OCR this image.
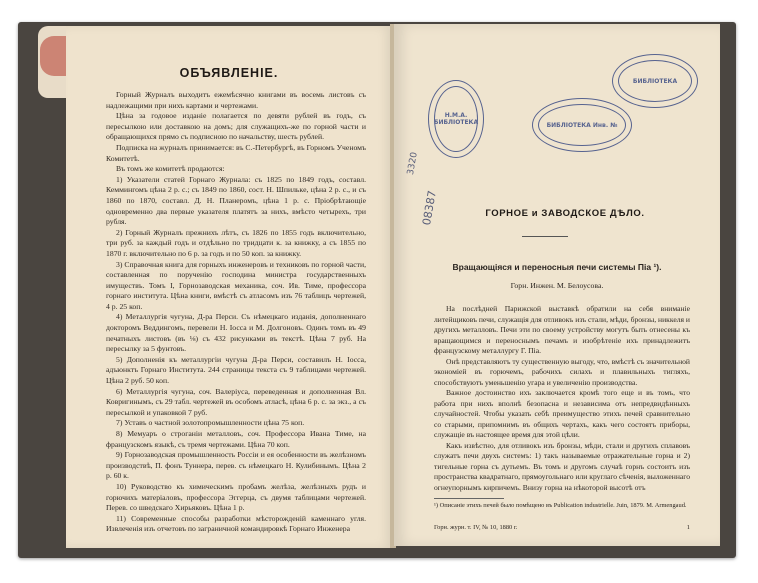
ОБЪЯВЛЕНІЕ.

Горный Журналъ выходитъ ежемѣсячно книгами въ восемь листовъ съ надлежащими при нихъ картами и чертежами.

Цѣна за годовое изданіе полагается по девяти рублей въ годъ, съ пересылкою или доставкою на домъ; для служащихъ-же по горной части и обращающихся прямо съ подписною по начальству, шесть рублей.

Подписка на журналъ принимается: въ С.-Петербургѣ, въ Горномъ Ученомъ Комитетѣ.

Въ томъ же комитетѣ продаются:

1) Указатели статей Горнаго Журнала: съ 1825 по 1849 годъ, составл. Кеммингомъ цѣна 2 р. с.; съ 1849 по 1860, сост. Н. Шпилькe, цѣна 2 р. с., и съ 1860 по 1870, составл. Д. Н. Планеромъ, цѣна 1 р. с. Пріобрѣтающіе одновременно два первые указателя платятъ за нихъ, вмѣсто четырехъ, три рубля.

2) Горный Журналъ прежнихъ лѣтъ, съ 1826 по 1855 годъ включительно, три руб. за каждый годъ и отдѣльно по тридцати к. за книжку, а съ 1855 по 1870 г. включительно по 6 р. за годъ и по 50 коп. за книжку.

3) Справочная книга для горныхъ инженеровъ и техниковъ по горной части, составленная по порученію господина министра государственныхъ имуществъ. Томъ I, Горнозаводская механика, соч. Ив. Тиме, профессора горнаго института. Цѣна книги, вмѣстѣ съ атласомъ изъ 76 таблицъ чертежей, 4 р. 25 коп.

4) Металлургія чугуна, Д-ра Перси. Съ нѣмецкаго изданія, дополненнаго докторомъ Веддингомъ, перевели Н. Іосса и М. Долгоновъ. Одинъ томъ въ 49 печатныхъ листовъ (въ ⅛) съ 432 рисунками въ текстѣ. Цѣна 7 руб. На пересылку за 5 фунтовъ.

5) Дополненія къ металлургіи чугуна Д-ра Перси, составилъ Н. Іосса, адъюнктъ Горнаго Института. 244 страницы текста съ 9 таблицами чертежей. Цѣна 2 руб. 50 коп.

6) Металлургія чугуна, соч. Валеріуса, переведенная и дополненная Вл. Ковригинымъ, съ 29 табл. чертежей въ особомъ атласѣ, цѣна 6 р. с. за экз., а съ пересылкой и упаковкой 7 руб.

7) Уставъ о частной золотопромышленности цѣна 75 коп.

8) Мемуаръ о строганіи металловъ, соч. Профессора Ивана Тиме, на французскомъ языкѣ, съ тремя чертежами. Цѣна 70 коп.

9) Горнозаводская промышленность Россіи и ея особенности въ желѣзномъ производствѣ, П. фонъ Туннера, перев. съ нѣмецкаго Н. Кулибинымъ. Цѣна 2 р. 60 к.

10) Руководство къ химическимъ пробамъ желѣза, желѣзныхъ рудъ и горючихъ матеріаловъ, профессора Эггерца, съ двумя таблицами чертежей. Перев. со шведскаго Хирьяковъ. Цѣна 1 р.

11) Современные способы разработки мѣсторожденій каменнаго угля. Извлеченія изъ отчетовъ по заграничной командировкѣ Горнаго Инженера

ГОРНОЕ и ЗАВОДСКОЕ ДѢЛО.
Вращающіяся и переносныя печи системы Піа ¹).
Горн. Инжен. М. Белоусова.

На послѣдней Парижской выставкѣ обратили на себя вниманіе литейщиковъ печи, служащія для отливокъ изъ стали, мѣди, бронзы, никкеля и другихъ металловъ. Печи эти по своему устройству могутъ быть отнесены къ вращающимся и переноснымъ печамъ и изобрѣтеніе ихъ принадлежитъ французскому металлургу Г. Піа.

Онѣ представляютъ ту существенную выгоду, что, вмѣстѣ съ значительной экономіей въ горючемъ, рабочихъ силахъ и плавильныхъ тигляхъ, способствуютъ уменьшенію угара и увеличенію производства.

Важное достоинство ихъ заключается кромѣ того еще и въ томъ, что работа при нихъ вполнѣ безопасна и независима отъ непредвидѣнныхъ случайностей. Чтобы указать себѣ преимущество этихъ печей сравнительно со старыми, припомнимъ въ общихъ чертахъ, какъ чего состоятъ приборы, служащіе въ настоящее время для этой цѣли.

Какъ извѣстно, для отливокъ изъ бронзы, мѣди, стали и другихъ сплавовъ служатъ печи двухъ системъ: 1) такъ называемые отражательные горна и 2) тигельные горна съ дутьемъ. Въ томъ и другомъ случаѣ горнъ состоитъ изъ пространства квадратнаго, прямоугольнаго или круглаго сѣченія, выложеннаго огнеупорнымъ кирпичемъ. Внизу горна на нѣкоторой высотѣ отъ

¹) Описаніе этихъ печей было помѣщено въ Publication industrielle. Juin, 1879. M. Armengaud.
Горн. журн. т. IV, № 10, 1880 г.	1
3320
08387
Н.М.А. БИБЛІОТЕКА	БИБЛІОТЕКА Инв. №
БИБЛІОТЕКА
